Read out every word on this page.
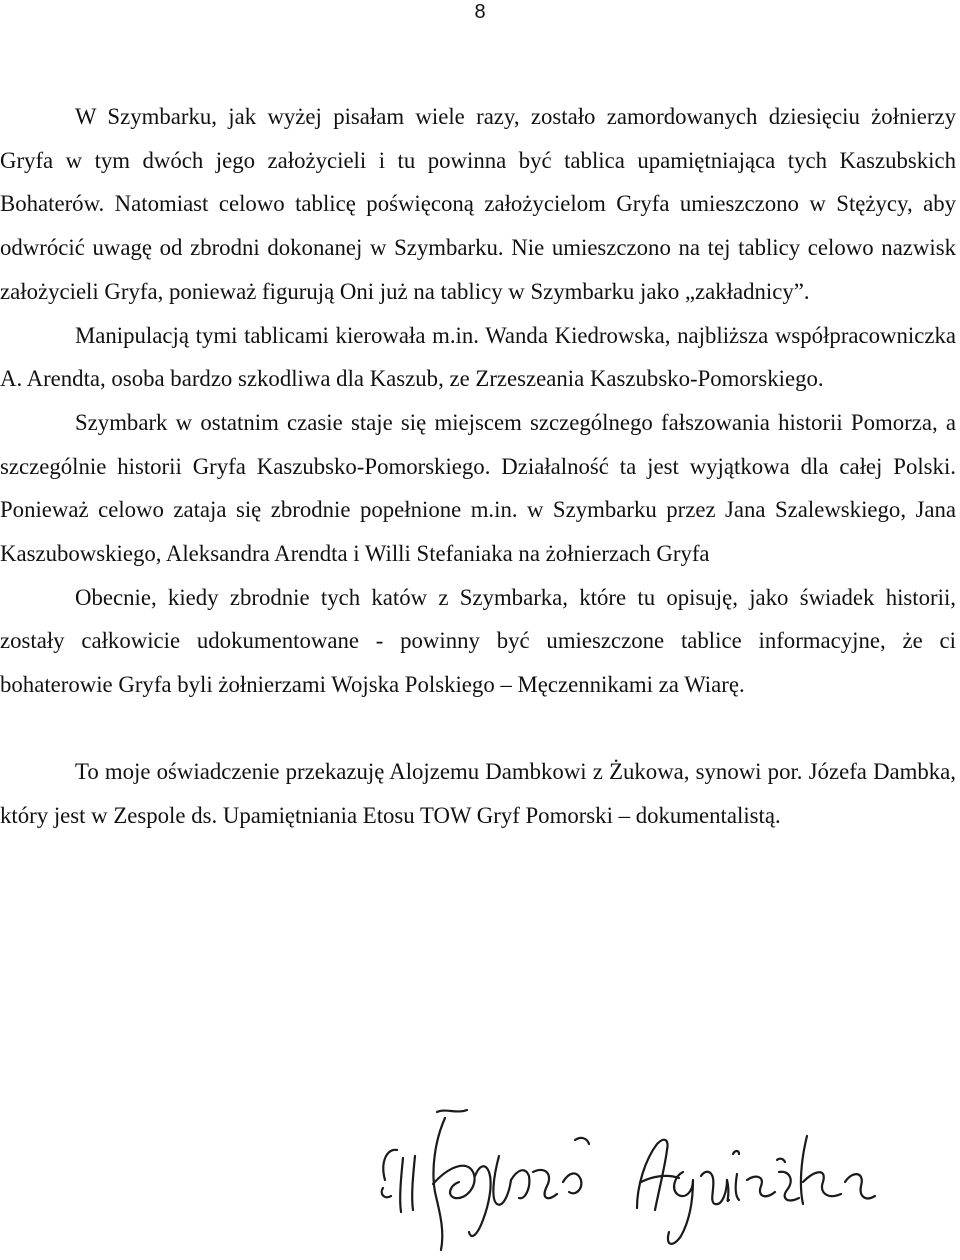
8

W Szymbarku, jak wyżej pisałam wiele razy, zostało zamordowanych dziesięciu żołnierzy Gryfa w tym dwóch jego założycieli i tu powinna być tablica upamiętniająca tych Kaszubskich Bohaterów. Natomiast celowo tablicę poświęconą założycielom Gryfa umieszczono w Stężycy, aby odwrócić uwagę od zbrodni dokonanej w Szymbarku. Nie umieszczono na tej tablicy celowo nazwisk założycieli Gryfa, ponieważ figurują Oni już na tablicy w Szymbarku jako „zakładnicy”.

Manipulacją tymi tablicami kierowała m.in. Wanda Kiedrowska, najbliższa współpracowniczka A. Arendta, osoba bardzo szkodliwa dla Kaszub, ze Zrzeszeania Kaszubsko-Pomorskiego.

Szymbark w ostatnim czasie staje się miejscem szczególnego fałszowania historii Pomorza, a szczególnie historii Gryfa Kaszubsko-Pomorskiego. Działalność ta jest wyjątkowa dla całej Polski. Ponieważ celowo zataja się zbrodnie popełnione m.in. w Szymbarku przez Jana Szalewskiego, Jana Kaszubowskiego, Aleksandra Arendta i Willi Stefaniaka na żołnierzach Gryfa

Obecnie, kiedy zbrodnie tych katów z Szymbarka, które tu opisuję, jako świadek historii, zostały całkowicie udokumentowane - powinny być umieszczone tablice informacyjne, że ci bohaterowie Gryfa byli żołnierzami Wojska Polskiego – Męczennikami za Wiarę.

To moje oświadczenie przekazuję Alojzemu Dambkowi z Żukowa, synowi por. Józefa Dambka, który jest w Zespole ds. Upamiętniania Etosu TOW Gryf Pomorski – dokumentalistą.
